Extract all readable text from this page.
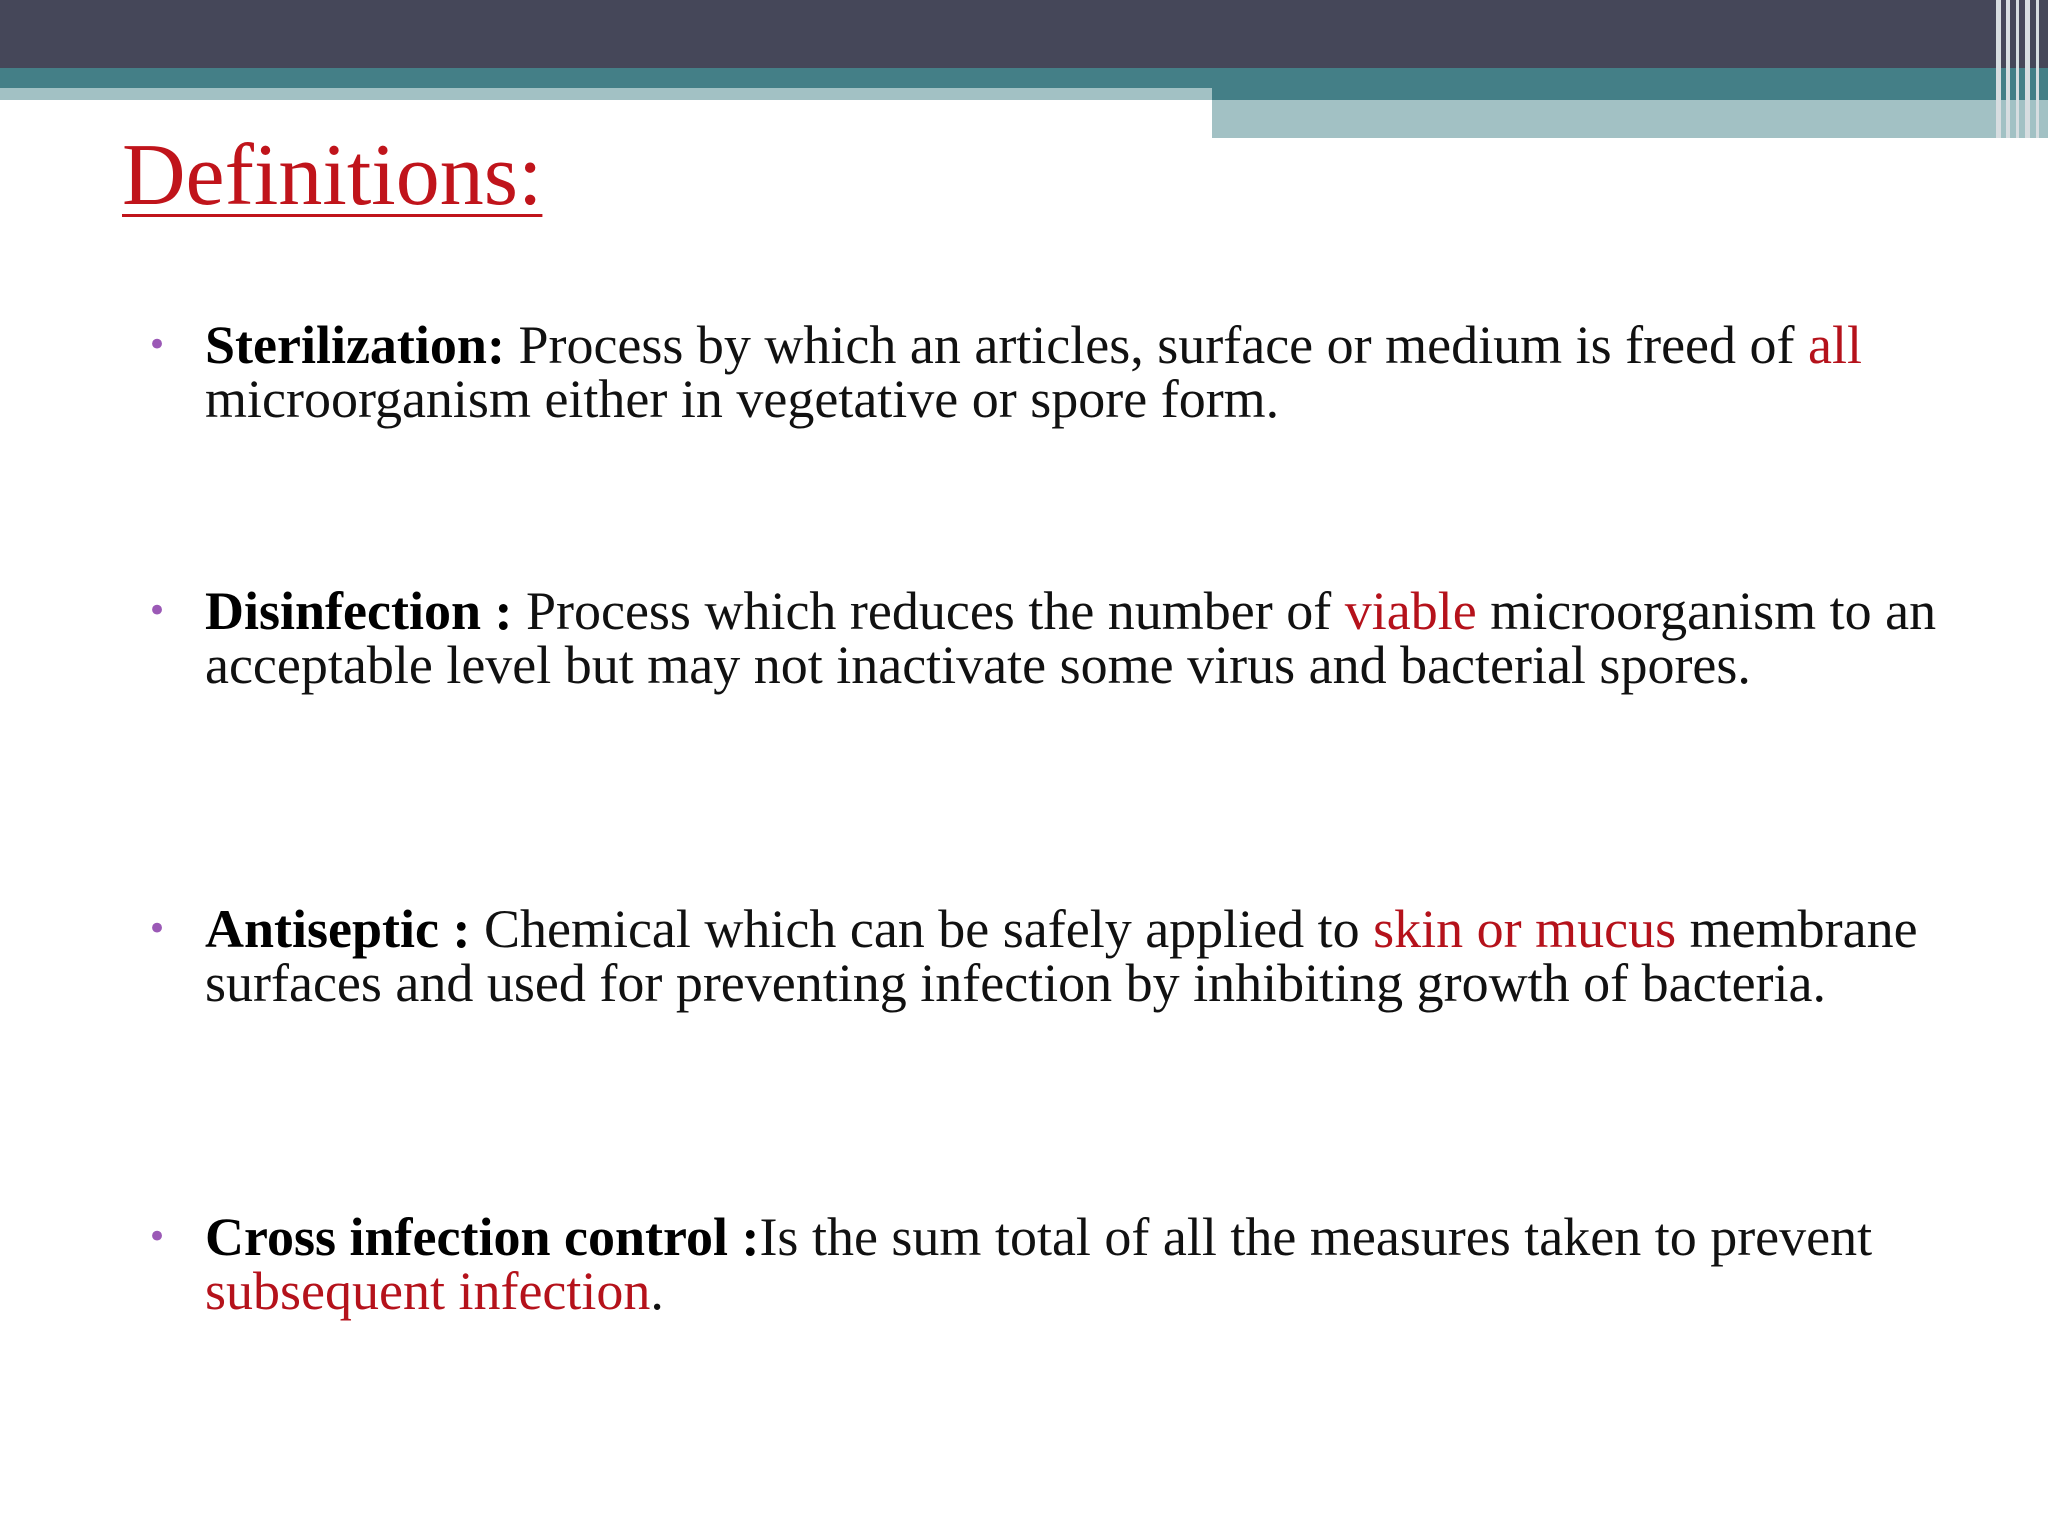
Definitions:
• Sterilization: Process by which an articles, surface or medium is freed of all microorganism either in vegetative or spore form.
• Disinfection : Process which reduces the number of viable microorganism to an acceptable level but may not inactivate some virus and bacterial spores.
• Antiseptic : Chemical which can be safely applied to skin or mucus membrane surfaces and used for preventing infection by inhibiting growth of bacteria.
• Cross infection control :Is the sum total of all the measures taken to prevent subsequent infection.
